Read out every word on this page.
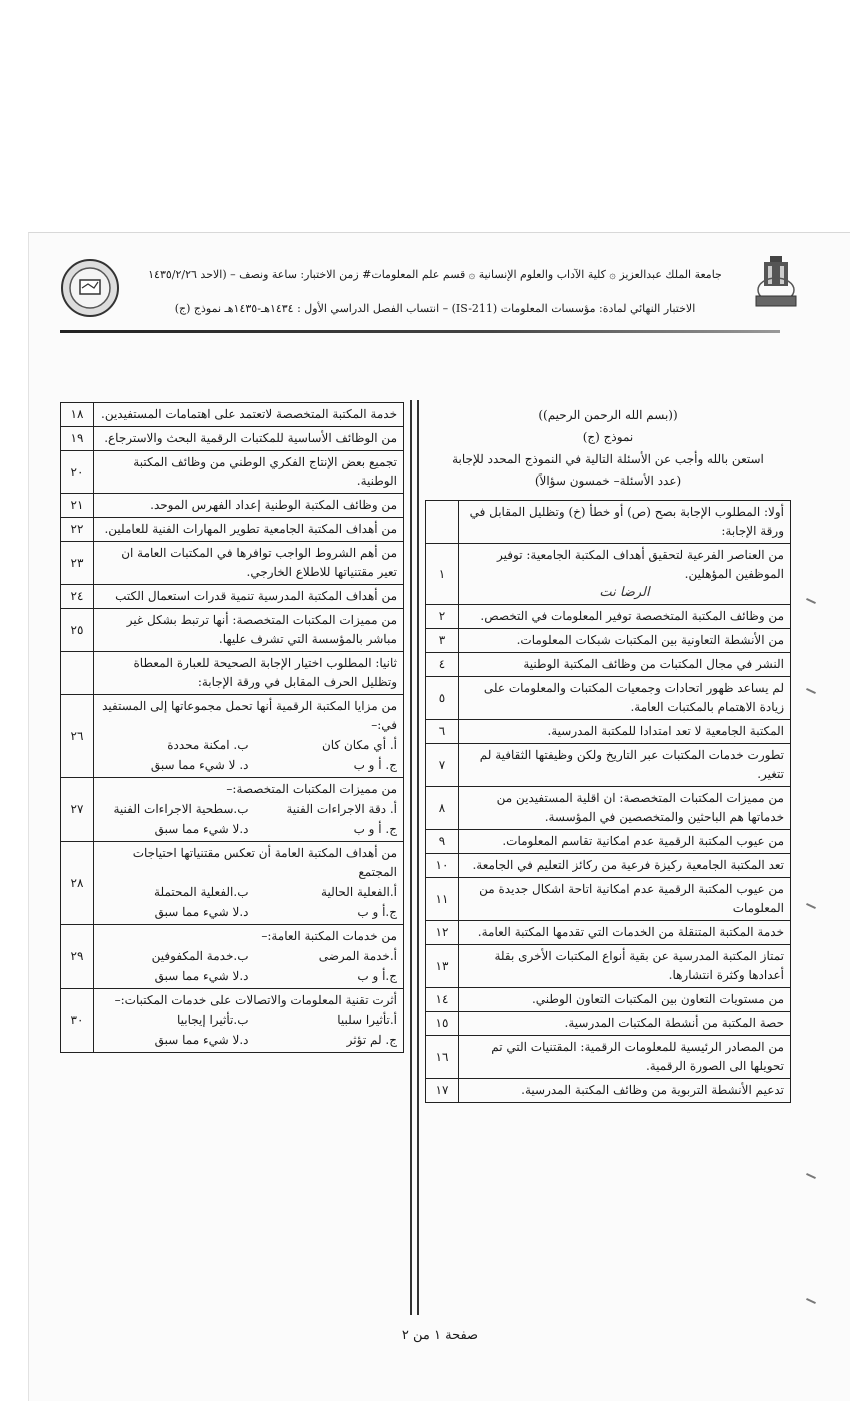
جامعة الملك عبدالعزيز ۞ كلية الآداب والعلوم الإنسانية ۞ قسم علم المعلومات# زمن الاختبار: ساعة ونصف – (الاحد ١٤٣٥/٢/٢٦
الاختبار النهائي لمادة: مؤسسات المعلومات (IS-211) – انتساب الفصل الدراسي الأول : ١٤٣٤هـ-١٤٣٥هـ نموذج (ج)
((بسم الله الرحمن الرحيم))
نموذج (ج)
استعن بالله وأجب عن الأسئلة التالية في النموذج المحدد للإجابة
(عدد الأسئلة– خمسون سؤالاً)
أولا: المطلوب الإجابة بصح (ص) أو خطأ (خ) وتظليل المقابل في ورقة الإجابة:	

من العناصر الفرعية لتحقيق أهداف المكتبة الجامعية: توفير الموظفين المؤهلين.
الرضا نت	١
من وظائف المكتبة المتخصصة توفير المعلومات في التخصص.	٢
من الأنشطة التعاونية بين المكتبات شبكات المعلومات.	٣
النشر في مجال المكتبات من وظائف المكتبة الوطنية	٤
لم يساعد ظهور اتحادات وجمعيات المكتبات والمعلومات على زيادة الاهتمام بالمكتبات العامة.	٥
المكتبة الجامعية لا تعد امتدادا للمكتبة المدرسية.	٦
تطورت خدمات المكتبات عبر التاريخ ولكن وظيفتها الثقافية لم تتغير.	٧
من مميزات المكتبات المتخصصة: ان اقلية المستفيدين من خدماتها هم الباحثين والمتخصصين في المؤسسة.	٨
من عيوب المكتبة الرقمية عدم امكانية تقاسم المعلومات.	٩
تعد المكتبة الجامعية ركيزة فرعية من ركائز التعليم في الجامعة.	١٠
من عيوب المكتبة الرقمية عدم امكانية اتاحة اشكال جديدة من المعلومات	١١
خدمة المكتبة المتنقلة من الخدمات التي تقدمها المكتبة العامة.	١٢
تمتاز المكتبة المدرسية عن بقية أنواع المكتبات الأخرى بقلة أعدادها وكثرة انتشارها.	١٣
من مستويات التعاون بين المكتبات التعاون الوطني.	١٤
حصة المكتبة من أنشطة المكتبات المدرسية.	١٥
من المصادر الرئيسية للمعلومات الرقمية: المقتنيات التي تم تحويلها الى الصورة الرقمية.	١٦
تدعيم الأنشطة التربوية من وظائف المكتبة المدرسية.	١٧
خدمة المكتبة المتخصصة لاتعتمد على اهتمامات المستفيدين.	١٨
من الوظائف الأساسية للمكتبات الرقمية البحث والاسترجاع.	١٩
تجميع بعض الإنتاج الفكري الوطني من وظائف المكتبة الوطنية.	٢٠
من وظائف المكتبة الوطنية إعداد الفهرس الموحد.	٢١
من أهداف المكتبة الجامعية تطوير المهارات الفنية للعاملين.	٢٢
من أهم الشروط الواجب توافرها في المكتبات العامة ان تعير مقتنياتها للاطلاع الخارجي.	٢٣
من أهداف المكتبة المدرسية تنمية قدرات استعمال الكتب	٢٤
من مميزات المكتبات المتخصصة: أنها ترتبط بشكل غير مباشر بالمؤسسة التي تشرف عليها.	٢٥
ثانيا: المطلوب اختيار الإجابة الصحيحة للعبارة المعطاة وتظليل الحرف المقابل في ورقة الإجابة:	

من مزايا المكتبة الرقمية أنها تحمل مجموعاتها إلى المستفيد في:–
أ. أي مكان كان
ب. امكنة محددة
ج. أ و ب
د. لا شيء مما سبق	٢٦

من مميزات المكتبات المتخصصة:–
أ. دقة الاجراءات الفنية
ب.سطحية الاجراءات الفنية
ج. أ و ب
د.لا شيء مما سبق	٢٧

من أهداف المكتبة العامة أن تعكس مقتنياتها احتياجات المجتمع
أ.الفعلية الحالية
ب.الفعلية المحتملة
ج.أ و ب
د.لا شيء مما سبق	٢٨

من خدمات المكتبة العامة:–
أ.خدمة المرضى
ب.خدمة المكفوفين
ج.أ و ب
د.لا شيء مما سبق	٢٩

أثرت تقنية المعلومات والاتصالات على خدمات المكتبات:–
أ.تأثيرا سلبيا
ب.تأثيرا إيجابيا
ج. لم تؤثر
د.لا شيء مما سبق	٣٠
صفحة ١ من ٢
